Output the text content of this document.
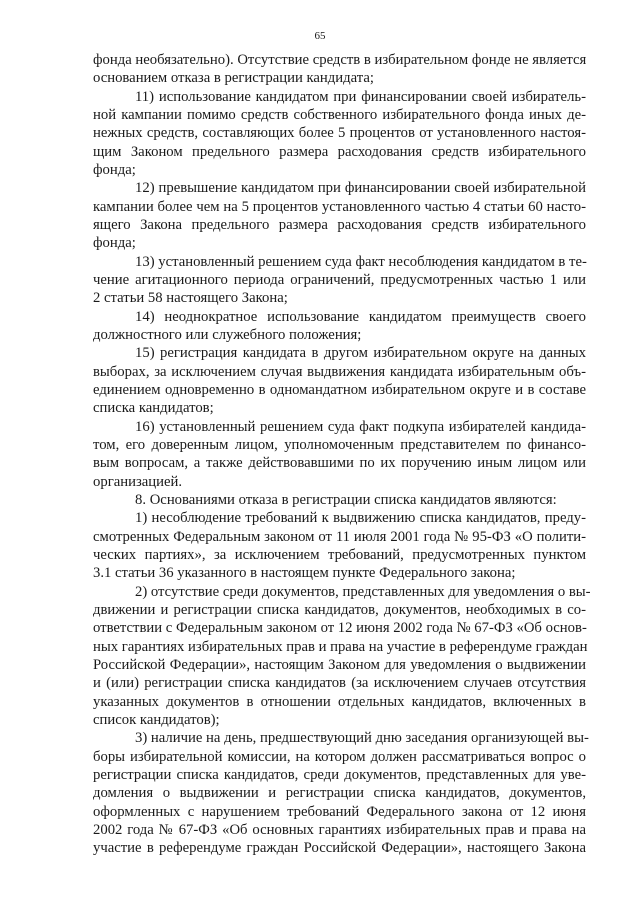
65
фонда необязательно). Отсутствие средств в избирательном фонде не является
основанием отказа в регистрации кандидата;
11) использование кандидатом при финансировании своей избиратель-
ной кампании помимо средств собственного избирательного фонда иных де-
нежных средств, составляющих более 5 процентов от установленного настоя-
щим Законом предельного размера расходования средств избирательного
фонда;
12) превышение кандидатом при финансировании своей избирательной
кампании более чем на 5 процентов установленного частью 4 статьи 60 насто-
ящего Закона предельного размера расходования средств избирательного
фонда;
13) установленный решением суда факт несоблюдения кандидатом в те-
чение агитационного периода ограничений, предусмотренных частью 1 или
2 статьи 58 настоящего Закона;
14) неоднократное использование кандидатом преимуществ своего
должностного или служебного положения;
15) регистрация кандидата в другом избирательном округе на данных
выборах, за исключением случая выдвижения кандидата избирательным объ-
единением одновременно в одномандатном избирательном округе и в составе
списка кандидатов;
16) установленный решением суда факт подкупа избирателей кандида-
том, его доверенным лицом, уполномоченным представителем по финансо-
вым вопросам, а также действовавшими по их поручению иным лицом или
организацией.
8. Основаниями отказа в регистрации списка кандидатов являются:
1) несоблюдение требований к выдвижению списка кандидатов, преду-
смотренных Федеральным законом от 11 июля 2001 года № 95-ФЗ «О полити-
ческих партиях», за исключением требований, предусмотренных пунктом
3.1 статьи 36 указанного в настоящем пункте Федерального закона;
2) отсутствие среди документов, представленных для уведомления о вы-
движении и регистрации списка кандидатов, документов, необходимых в со-
ответствии с Федеральным законом от 12 июня 2002 года № 67-ФЗ «Об основ-
ных гарантиях избирательных прав и права на участие в референдуме граждан
Российской Федерации», настоящим Законом для уведомления о выдвижении
и (или) регистрации списка кандидатов (за исключением случаев отсутствия
указанных документов в отношении отдельных кандидатов, включенных в
список кандидатов);
3) наличие на день, предшествующий дню заседания организующей вы-
боры избирательной комиссии, на котором должен рассматриваться вопрос о
регистрации списка кандидатов, среди документов, представленных для уве-
домления о выдвижении и регистрации списка кандидатов, документов,
оформленных с нарушением требований Федерального закона от 12 июня
2002 года № 67-ФЗ «Об основных гарантиях избирательных прав и права на
участие в референдуме граждан Российской Федерации», настоящего Закона
